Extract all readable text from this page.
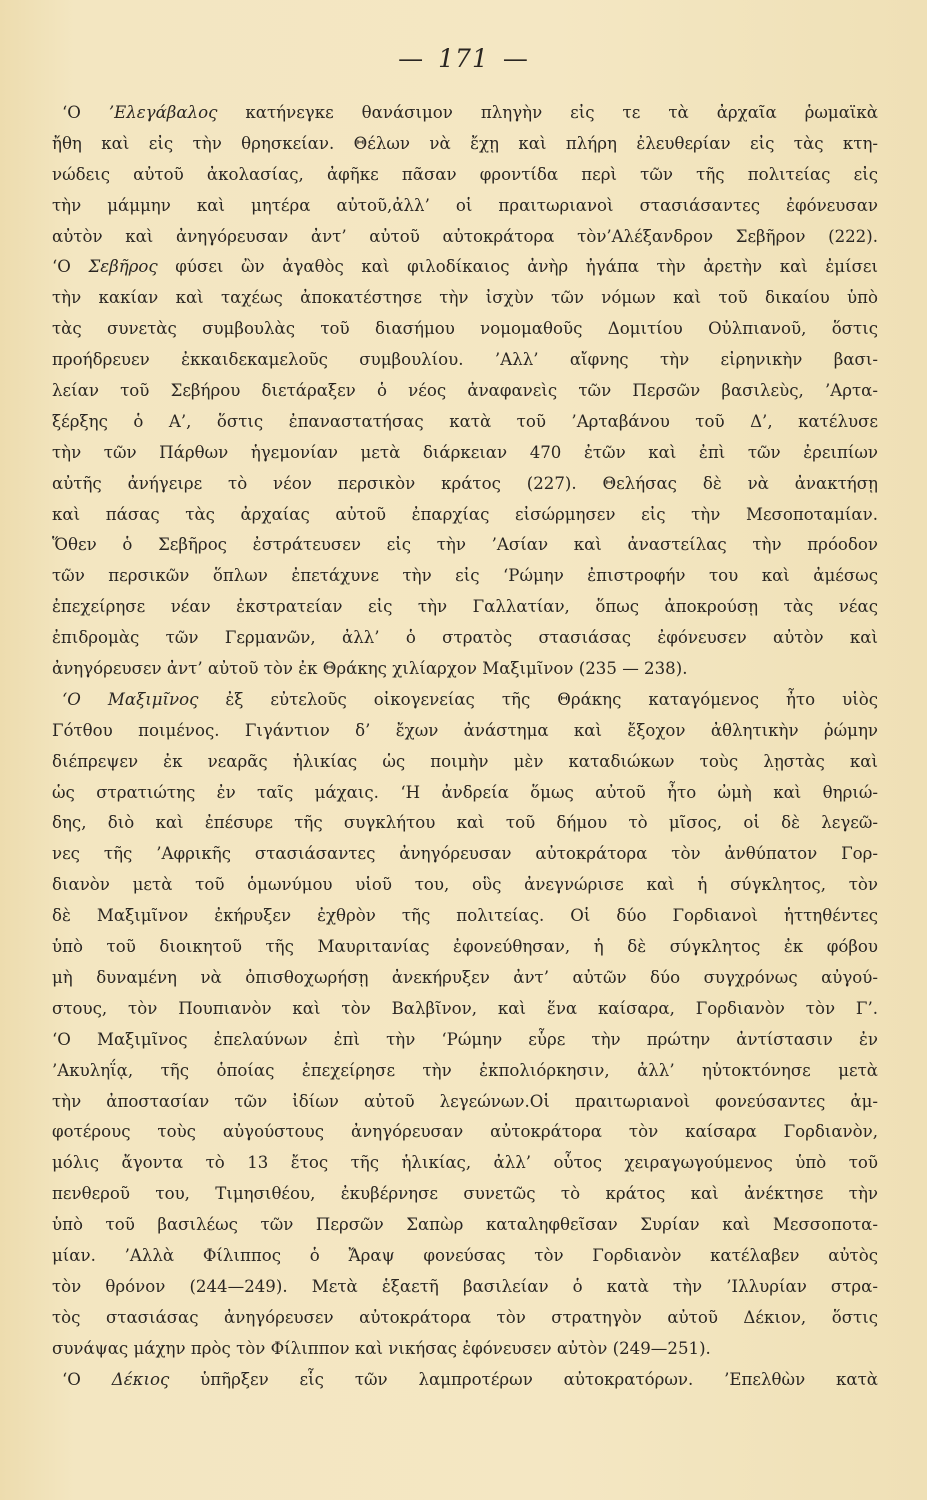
— 171 —
‘Ο ’Ελεγάβαλος κατήνεγκε θανάσιμον πληγὴν εἰς τε τὰ ἀρχαῖα ῥωμαϊκὰ
ἤθη καὶ εἰς τὴν θρησκείαν. Θέλων νὰ ἔχῃ καὶ πλήρη ἐλευθερίαν εἰς τὰς κτη-
νώδεις αὐτοῦ ἀκολασίας, ἀφῆκε πᾶσαν φροντίδα περὶ τῶν τῆς πολιτείας εἰς
τὴν μάμμην καὶ μητέρα αὐτοῦ,ἀλλ’ οἱ πραιτωριανοὶ στασιάσαντες ἐφόνευσαν
αὐτὸν καὶ ἀνηγόρευσαν ἀντ’ αὐτοῦ αὐτοκράτορα τὸν’Αλέξανδρον Σεβῆρον (222).
‘Ο Σεβῆρος φύσει ὢν ἀγαθὸς καὶ φιλοδίκαιος ἀνὴρ ἠγάπα τὴν ἀρετὴν καὶ ἐμίσει
τὴν κακίαν καὶ ταχέως ἀποκατέστησε τὴν ἰσχὺν τῶν νόμων καὶ τοῦ δικαίου ὑπὸ
τὰς συνετὰς συμβουλὰς τοῦ διασήμου νομομαθοῦς Δομιτίου Οὐλπιανοῦ, ὅστις
προήδρευεν ἐκκαιδεκαμελοῦς συμβουλίου. ’Αλλ’ αἴφνης τὴν εἰρηνικὴν βασι-
λείαν τοῦ Σεβήρου διετάραξεν ὁ νέος ἀναφανεὶς τῶν Περσῶν βασιλεὺς, ’Αρτα-
ξέρξης ὁ Α’, ὅστις ἐπαναστατήσας κατὰ τοῦ ’Αρταβάνου τοῦ Δ’, κατέλυσε
τὴν τῶν Πάρθων ἡγεμονίαν μετὰ διάρκειαν 470 ἐτῶν καὶ ἐπὶ τῶν ἐρειπίων
αὐτῆς ἀνήγειρε τὸ νέον περσικὸν κράτος (227). Θελήσας δὲ νὰ ἀνακτήσῃ
καὶ πάσας τὰς ἀρχαίας αὐτοῦ ἐπαρχίας εἰσώρμησεν εἰς τὴν Μεσοποταμίαν.
Ὅθεν ὁ Σεβῆρος ἐστράτευσεν εἰς τὴν ’Ασίαν καὶ ἀναστείλας τὴν πρόοδον
τῶν περσικῶν ὅπλων ἐπετάχυνε τὴν εἰς ‘Ρώμην ἐπιστροφήν του καὶ ἀμέσως
ἐπεχείρησε νέαν ἐκστρατείαν εἰς τὴν Γαλλατίαν, ὅπως ἀποκρούσῃ τὰς νέας
ἐπιδρομὰς τῶν Γερμανῶν, ἀλλ’ ὁ στρατὸς στασιάσας ἐφόνευσεν αὐτὸν καὶ
ἀνηγόρευσεν ἀντ’ αὐτοῦ τὸν ἐκ Θράκης χιλίαρχον Μαξιμῖνον (235 — 238).
‘Ο Μαξιμῖνος ἐξ εὐτελοῦς οἰκογενείας τῆς Θράκης καταγόμενος ἦτο υἱὸς
Γότθου ποιμένος. Γιγάντιον δ’ ἔχων ἀνάστημα καὶ ἔξοχον ἀθλητικὴν ῥώμην
διέπρεψεν ἐκ νεαρᾶς ἡλικίας ὡς ποιμὴν μὲν καταδιώκων τοὺς λῃστὰς καὶ
ὡς στρατιώτης ἐν ταῖς μάχαις. ‘Η ἀνδρεία ὅμως αὐτοῦ ἦτο ὠμὴ καὶ θηριώ-
δης, διὸ καὶ ἐπέσυρε τῆς συγκλήτου καὶ τοῦ δήμου τὸ μῖσος, οἱ δὲ λεγεῶ-
νες τῆς ’Αφρικῆς στασιάσαντες ἀνηγόρευσαν αὐτοκράτορα τὸν ἀνθύπατον Γορ-
διανὸν μετὰ τοῦ ὁμωνύμου υἱοῦ του, οὓς ἀνεγνώρισε καὶ ἡ σύγκλητος, τὸν
δὲ Μαξιμῖνον ἐκήρυξεν ἐχθρὸν τῆς πολιτείας. Οἱ δύο Γορδιανοὶ ἡττηθέντες
ὑπὸ τοῦ διοικητοῦ τῆς Μαυριτανίας ἐφονεύθησαν, ἡ δὲ σύγκλητος ἐκ φόβου
μὴ δυναμένη νὰ ὀπισθοχωρήσῃ ἀνεκήρυξεν ἀντ’ αὐτῶν δύο συγχρόνως αὐγού-
στους, τὸν Πουπιανὸν καὶ τὸν Βαλβῖνον, καὶ ἕνα καίσαρα, Γορδιανὸν τὸν Γ’.
‘Ο Μαξιμῖνος ἐπελαύνων ἐπὶ τὴν ‘Ρώμην εὗρε τὴν πρώτην ἀντίστασιν ἐν
’Ακυληΐᾳ, τῆς ὁποίας ἐπεχείρησε τὴν ἐκπολιόρκησιν, ἀλλ’ ηὐτοκτόνησε μετὰ
τὴν ἀποστασίαν τῶν ἰδίων αὐτοῦ λεγεώνων.Οἱ πραιτωριανοὶ φονεύσαντες ἀμ-
φοτέρους τοὺς αὐγούστους ἀνηγόρευσαν αὐτοκράτορα τὸν καίσαρα Γορδιανὸν,
μόλις ἄγοντα τὸ 13 ἔτος τῆς ἡλικίας, ἀλλ’ οὗτος χειραγωγούμενος ὑπὸ τοῦ
πενθεροῦ του, Τιμησιθέου, ἐκυβέρνησε συνετῶς τὸ κράτος καὶ ἀνέκτησε τὴν
ὑπὸ τοῦ βασιλέως τῶν Περσῶν Σαπὼρ καταληφθεῖσαν Συρίαν καὶ Μεσσοποτα-
μίαν. ’Αλλὰ Φίλιππος ὁ Ἄραψ φονεύσας τὸν Γορδιανὸν κατέλαβεν αὐτὸς
τὸν θρόνον (244—249). Μετὰ ἑξαετῆ βασιλείαν ὁ κατὰ τὴν ’Ιλλυρίαν στρα-
τὸς στασιάσας ἀνηγόρευσεν αὐτοκράτορα τὸν στρατηγὸν αὐτοῦ Δέκιον, ὅστις
συνάψας μάχην πρὸς τὸν Φίλιππον καὶ νικήσας ἐφόνευσεν αὐτὸν (249—251).
‘Ο Δέκιος ὑπῆρξεν εἷς τῶν λαμπροτέρων αὐτοκρατόρων. ’Επελθὼν κατὰ
